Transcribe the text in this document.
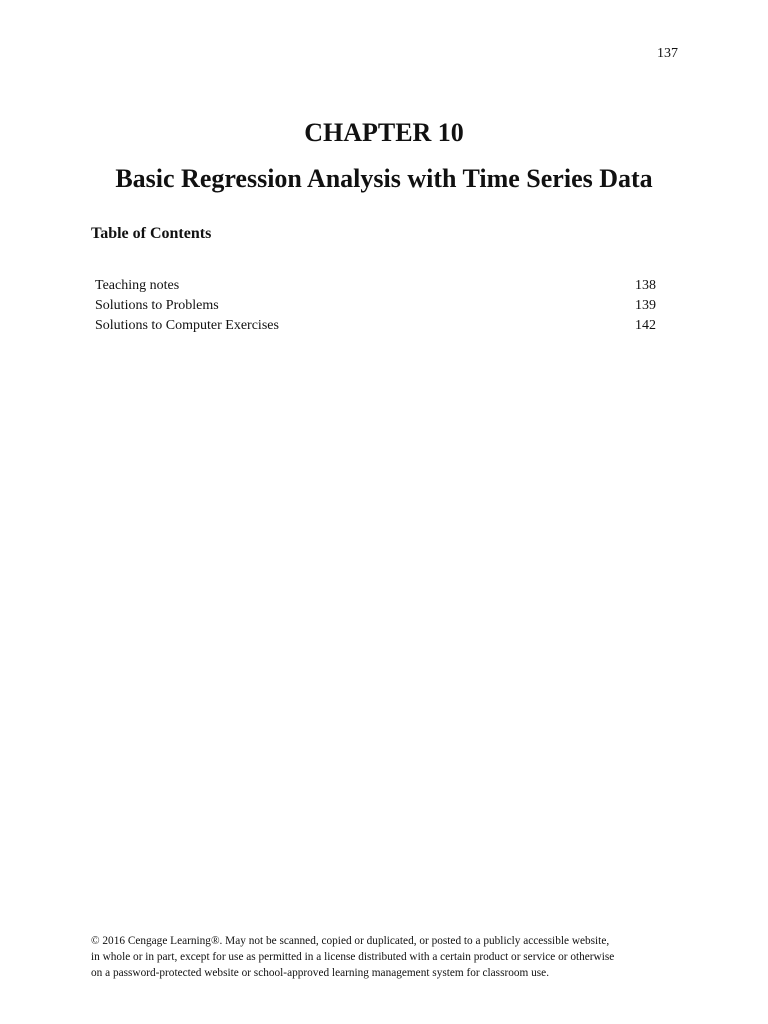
137
CHAPTER 10
Basic Regression Analysis with Time Series Data
Table of Contents
Teaching notes	138
Solutions to Problems	139
Solutions to Computer Exercises	142
© 2016 Cengage Learning®. May not be scanned, copied or duplicated, or posted to a publicly accessible website,
in whole or in part, except for use as permitted in a license distributed with a certain product or service or otherwise
on a password-protected website or school-approved learning management system for classroom use.
